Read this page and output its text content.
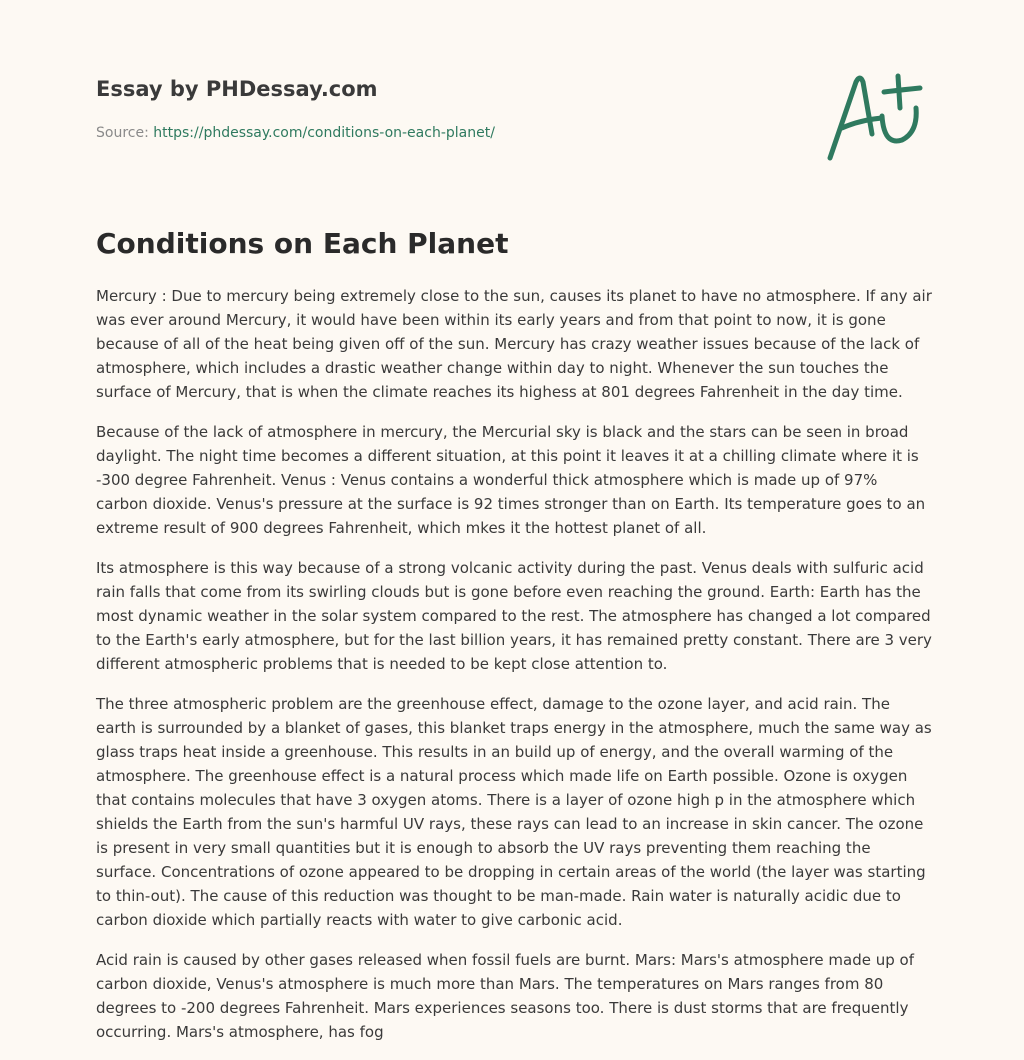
Essay by PHDessay.com
Source: https://phdessay.com/conditions-on-each-planet/
Conditions on Each Planet

Mercury : Due to mercury being extremely close to the sun, causes its planet to have no atmosphere. If any air was ever around Mercury, it would have been within its early years and from that point to now, it is gone because of all of the heat being given off of the sun. Mercury has crazy weather issues because of the lack of atmosphere, which includes a drastic weather change within day to night. Whenever the sun touches the surface of Mercury, that is when the climate reaches its highess at 801 degrees Fahrenheit in the day time.

Because of the lack of atmosphere in mercury, the Mercurial sky is black and the stars can be seen in broad daylight. The night time becomes a different situation, at this point it leaves it at a chilling climate where it is -300 degree Fahrenheit. Venus : Venus contains a wonderful thick atmosphere which is made up of 97% carbon dioxide. Venus's pressure at the surface is 92 times stronger than on Earth. Its temperature goes to an extreme result of 900 degrees Fahrenheit, which mkes it the hottest planet of all.

Its atmosphere is this way because of a strong volcanic activity during the past. Venus deals with sulfuric acid rain falls that come from its swirling clouds but is gone before even reaching the ground. Earth: Earth has the most dynamic weather in the solar system compared to the rest. The atmosphere has changed a lot compared to the Earth's early atmosphere, but for the last billion years, it has remained pretty constant. There are 3 very different atmospheric problems that is needed to be kept close attention to.

The three atmospheric problem are the greenhouse effect, damage to the ozone layer, and acid rain. The earth is surrounded by a blanket of gases, this blanket traps energy in the atmosphere, much the same way as glass traps heat inside a greenhouse. This results in an build up of energy, and the overall warming of the atmosphere. The greenhouse effect is a natural process which made life on Earth possible. Ozone is oxygen that contains molecules that have 3 oxygen atoms. There is a layer of ozone high p in the atmosphere which shields the Earth from the sun's harmful UV rays, these rays can lead to an increase in skin cancer. The ozone is present in very small quantities but it is enough to absorb the UV rays preventing them reaching the surface. Concentrations of ozone appeared to be dropping in certain areas of the world (the layer was starting to thin-out). The cause of this reduction was thought to be man-made. Rain water is naturally acidic due to carbon dioxide which partially reacts with water to give carbonic acid.

Acid rain is caused by other gases released when fossil fuels are burnt. Mars: Mars's atmosphere made up of carbon dioxide, Venus's atmosphere is much more than Mars. The temperatures on Mars ranges from 80 degrees to -200 degrees Fahrenheit. Mars experiences seasons too. There is dust storms that are frequently occurring. Mars's atmosphere, has fog
